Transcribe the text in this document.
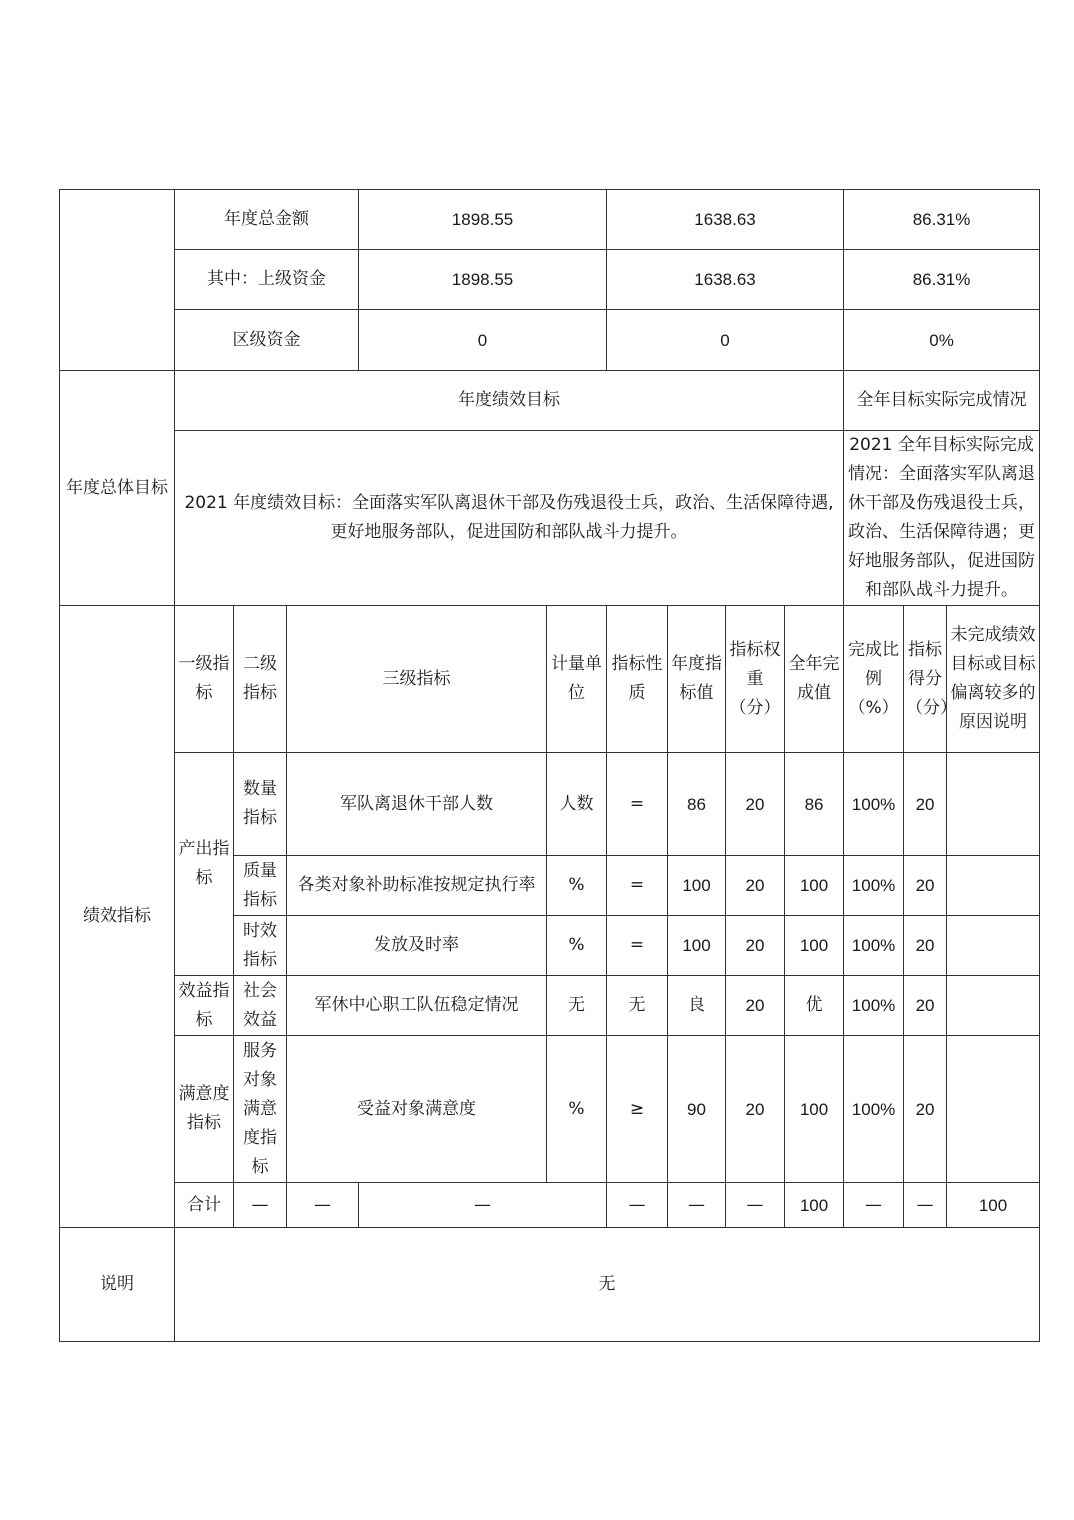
	年度总金额			1898.55		1638.63				86.31%			
	其中：上级资金			1898.55		1638.63				86.31%			
	区级资金			0		0				0%			
年度总体目标	年度绩效目标									全年目标实际完成情况			
	2021 年度绩效目标：全面落实军队离退休干部及伤残退役士兵，政治、生活保障待遇,更好地服务部队，促进国防和部队战斗力提升。									2021 全年目标实际完成情况：全面落实军队离退休干部及伤残退役士兵，政治、生活保障待遇；更好地服务部队，促进国防和部队战斗力提升。			
绩效指标	一级指标	二级指标	三级指标		计量单位	指标性质	年度指标值	指标权重（分）	全年完成值	完成比例（%）	指标得分（分）	未完成绩效目标或目标偏离较多的原因说明	
	产出指标	数量指标	军队离退休干部人数		人数	=	86	20	86	100%	20		
		质量指标	各类对象补助标准按规定执行率		%	=	100	20	100	100%	20		
		时效指标	发放及时率		%	=	100	20	100	100%	20		
	效益指标	社会效益	军休中心职工队伍稳定情况		无	无	良	20	优	100%	20		
	满意度指标	服务对象满意度指标	受益对象满意度		%	≥	90	20	100	100%	20		
	合计	—	—	—		—	—	—	100	—	—	100	
说明	无												
